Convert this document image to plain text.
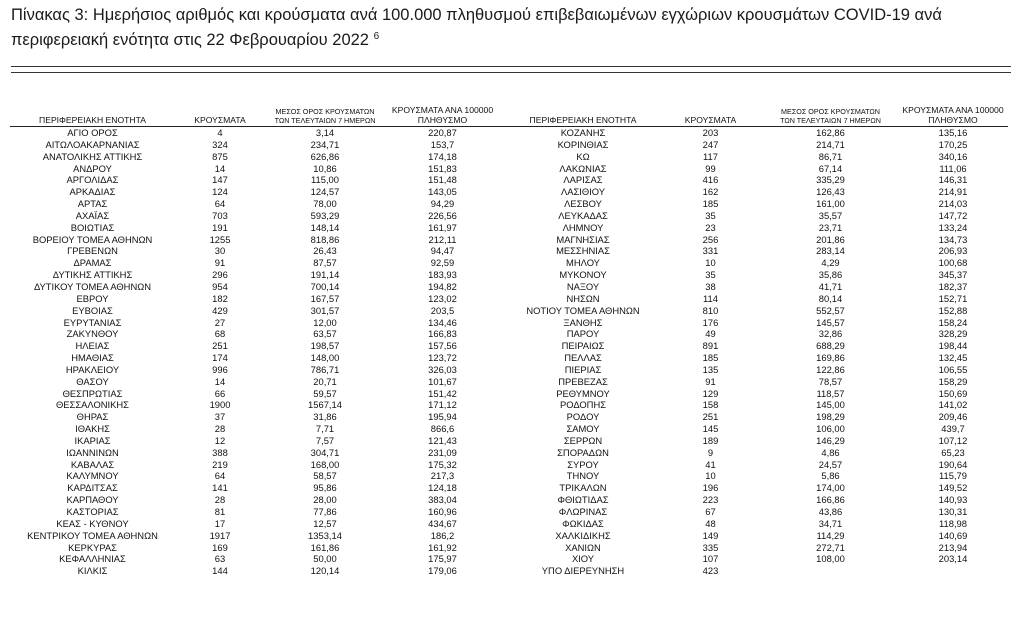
Πίνακας 3: Ημερήσιος αριθμός και κρούσματα ανά 100.000 πληθυσμού επιβεβαιωμένων εγχώριων κρουσμάτων COVID-19 ανά περιφερειακή ενότητα στις 22 Φεβρουαρίου 2022 $^6$

ΠΕΡΙΦΕΡΕΙΑΚΗ ΕΝΟΤΗΤΑ	ΚΡΟΥΣΜΑΤΑ	ΜΕΣΟΣ ΟΡΟΣ ΚΡΟΥΣΜΑΤΩΝ
ΤΩΝ ΤΕΛΕΥΤΑΙΩΝ 7 ΗΜΕΡΩΝ	ΚΡΟΥΣΜΑΤΑ ΑΝΑ 100000
ΠΛΗΘΥΣΜΟ		ΠΕΡΙΦΕΡΕΙΑΚΗ ΕΝΟΤΗΤΑ	ΚΡΟΥΣΜΑΤΑ	ΜΕΣΟΣ ΟΡΟΣ ΚΡΟΥΣΜΑΤΩΝ
ΤΩΝ ΤΕΛΕΥΤΑΙΩΝ 7 ΗΜΕΡΩΝ	ΚΡΟΥΣΜΑΤΑ ΑΝΑ 100000
ΠΛΗΘΥΣΜΟ
ΑΓΙΟ ΟΡΟΣ	4	3,14	220,87		ΚΟΖΑΝΗΣ	203	162,86	135,16
ΑΙΤΩΛΟΑΚΑΡΝΑΝΙΑΣ	324	234,71	153,7		ΚΟΡΙΝΘΙΑΣ	247	214,71	170,25
ΑΝΑΤΟΛΙΚΗΣ ΑΤΤΙΚΗΣ	875	626,86	174,18		ΚΩ	117	86,71	340,16
ΑΝΔΡΟΥ	14	10,86	151,83		ΛΑΚΩΝΙΑΣ	99	67,14	111,06
ΑΡΓΟΛΙΔΑΣ	147	115,00	151,48		ΛΑΡΙΣΑΣ	416	335,29	146,31
ΑΡΚΑΔΙΑΣ	124	124,57	143,05		ΛΑΣΙΘΙΟΥ	162	126,43	214,91
ΑΡΤΑΣ	64	78,00	94,29		ΛΕΣΒΟΥ	185	161,00	214,03
ΑΧΑΪΑΣ	703	593,29	226,56		ΛΕΥΚΑΔΑΣ	35	35,57	147,72
ΒΟΙΩΤΙΑΣ	191	148,14	161,97		ΛΗΜΝΟΥ	23	23,71	133,24
ΒΟΡΕΙΟΥ ΤΟΜΕΑ ΑΘΗΝΩΝ	1255	818,86	212,11		ΜΑΓΝΗΣΙΑΣ	256	201,86	134,73
ΓΡΕΒΕΝΩΝ	30	26,43	94,47		ΜΕΣΣΗΝΙΑΣ	331	283,14	206,93
ΔΡΑΜΑΣ	91	87,57	92,59		ΜΗΛΟΥ	10	4,29	100,68
ΔΥΤΙΚΗΣ ΑΤΤΙΚΗΣ	296	191,14	183,93		ΜΥΚΟΝΟΥ	35	35,86	345,37
ΔΥΤΙΚΟΥ ΤΟΜΕΑ ΑΘΗΝΩΝ	954	700,14	194,82		ΝΑΞΟΥ	38	41,71	182,37
ΕΒΡΟΥ	182	167,57	123,02		ΝΗΣΩΝ	114	80,14	152,71
ΕΥΒΟΙΑΣ	429	301,57	203,5		ΝΟΤΙΟΥ ΤΟΜΕΑ ΑΘΗΝΩΝ	810	552,57	152,88
ΕΥΡΥΤΑΝΙΑΣ	27	12,00	134,46		ΞΑΝΘΗΣ	176	145,57	158,24
ΖΑΚΥΝΘΟΥ	68	63,57	166,83		ΠΑΡΟΥ	49	32,86	328,29
ΗΛΕΙΑΣ	251	198,57	157,56		ΠΕΙΡΑΙΩΣ	891	688,29	198,44
ΗΜΑΘΙΑΣ	174	148,00	123,72		ΠΕΛΛΑΣ	185	169,86	132,45
ΗΡΑΚΛΕΙΟΥ	996	786,71	326,03		ΠΙΕΡΙΑΣ	135	122,86	106,55
ΘΑΣΟΥ	14	20,71	101,67		ΠΡΕΒΕΖΑΣ	91	78,57	158,29
ΘΕΣΠΡΩΤΙΑΣ	66	59,57	151,42		ΡΕΘΥΜΝΟΥ	129	118,57	150,69
ΘΕΣΣΑΛΟΝΙΚΗΣ	1900	1567,14	171,12		ΡΟΔΟΠΗΣ	158	145,00	141,02
ΘΗΡΑΣ	37	31,86	195,94		ΡΟΔΟΥ	251	198,29	209,46
ΙΘΑΚΗΣ	28	7,71	866,6		ΣΑΜΟΥ	145	106,00	439,7
ΙΚΑΡΙΑΣ	12	7,57	121,43		ΣΕΡΡΩΝ	189	146,29	107,12
ΙΩΑΝΝΙΝΩΝ	388	304,71	231,09		ΣΠΟΡΑΔΩΝ	9	4,86	65,23
ΚΑΒΑΛΑΣ	219	168,00	175,32		ΣΥΡΟΥ	41	24,57	190,64
ΚΑΛΥΜΝΟΥ	64	58,57	217,3		ΤΗΝΟΥ	10	5,86	115,79
ΚΑΡΔΙΤΣΑΣ	141	95,86	124,18		ΤΡΙΚΑΛΩΝ	196	174,00	149,52
ΚΑΡΠΑΘΟΥ	28	28,00	383,04		ΦΘΙΩΤΙΔΑΣ	223	166,86	140,93
ΚΑΣΤΟΡΙΑΣ	81	77,86	160,96		ΦΛΩΡΙΝΑΣ	67	43,86	130,31
ΚΕΑΣ - ΚΥΘΝΟΥ	17	12,57	434,67		ΦΩΚΙΔΑΣ	48	34,71	118,98
ΚΕΝΤΡΙΚΟΥ ΤΟΜΕΑ ΑΘΗΝΩΝ	1917	1353,14	186,2		ΧΑΛΚΙΔΙΚΗΣ	149	114,29	140,69
ΚΕΡΚΥΡΑΣ	169	161,86	161,92		ΧΑΝΙΩΝ	335	272,71	213,94
ΚΕΦΑΛΛΗΝΙΑΣ	63	50,00	175,97		ΧΙΟΥ	107	108,00	203,14
ΚΙΛΚΙΣ	144	120,14	179,06		ΥΠΟ ΔΙΕΡΕΥΝΗΣΗ	423		
